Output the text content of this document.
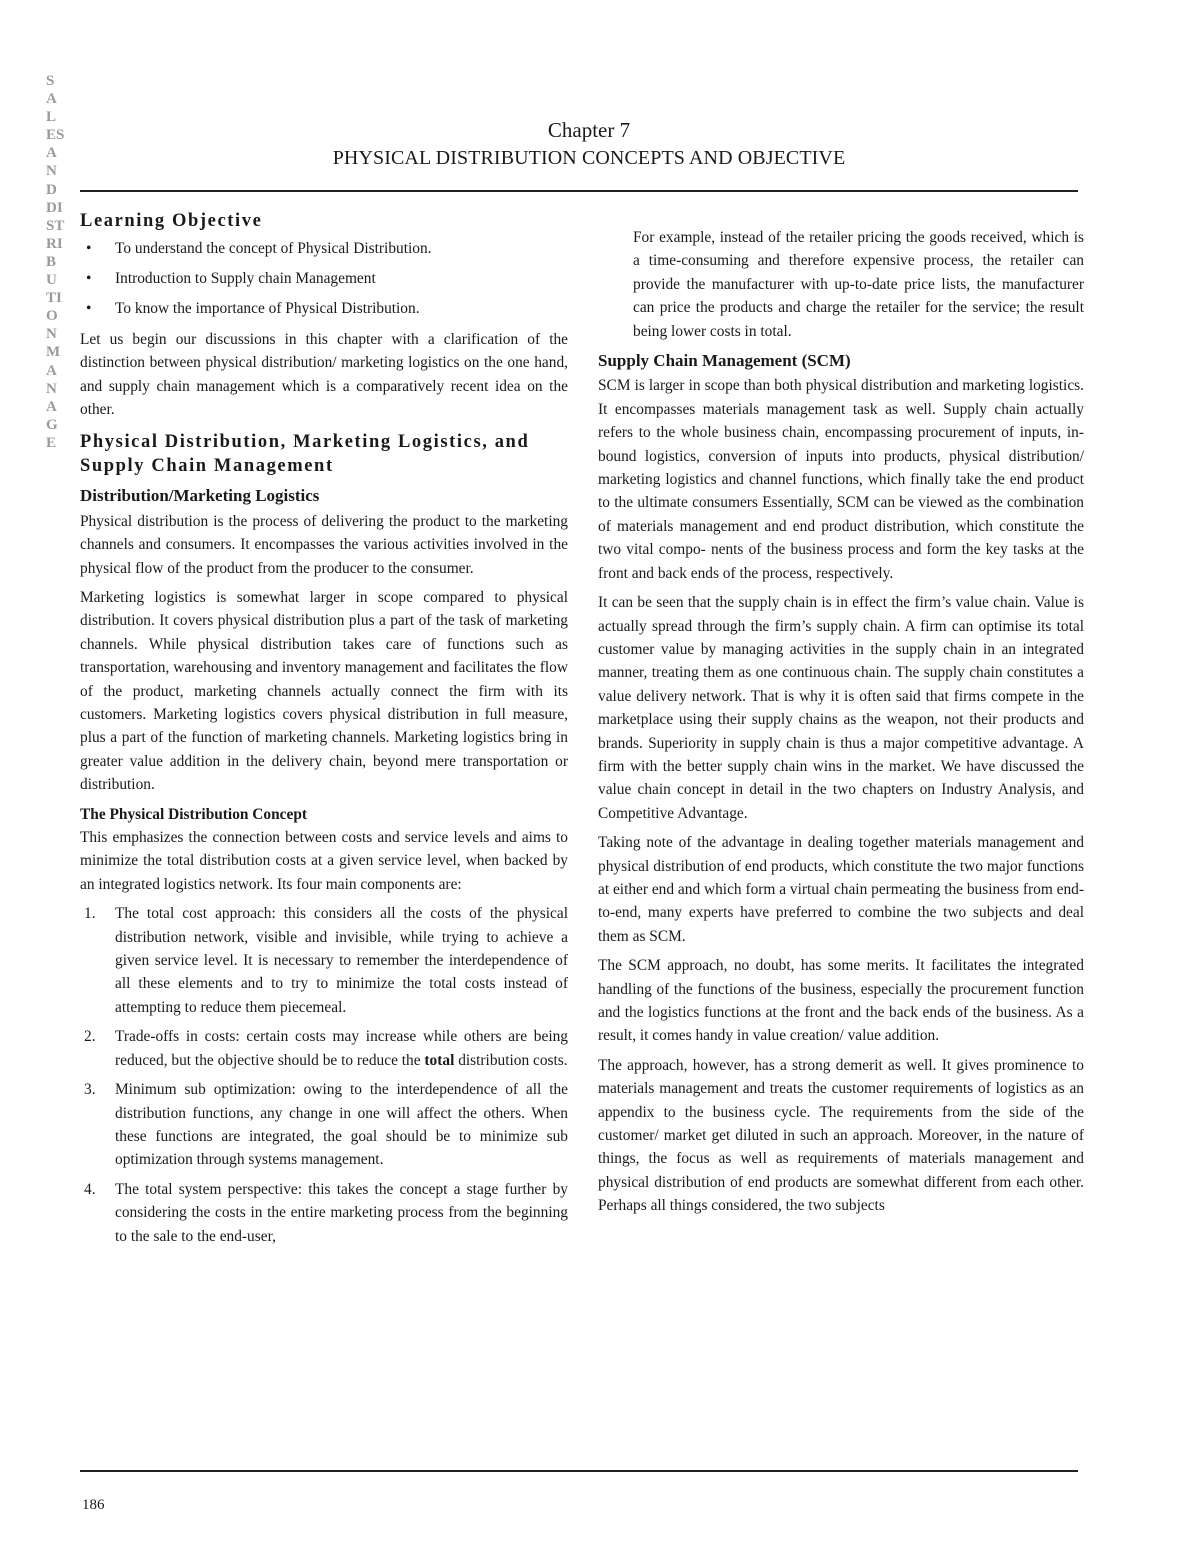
S
A
L
ES
A
N
D
DI
ST
RI
B
U
TI
O
N
M
A
N
A
G
E
Chapter 7
PHYSICAL DISTRIBUTION CONCEPTS AND OBJECTIVE
Learning Objective
• To understand the concept of Physical Distribution.
• Introduction to Supply chain Management
• To know the importance of Physical Distribution.

Let us begin our discussions in this chapter with a clarification of the distinction between physical distribution/ marketing logistics on the one hand, and supply chain management which is a comparatively recent idea on the other.

Physical Distribution, Marketing Logistics, and Supply Chain Management
Distribution/Marketing Logistics

Physical distribution is the process of delivering the product to the marketing channels and consumers. It encompasses the various activities involved in the physical flow of the product from the producer to the consumer.

Marketing logistics is somewhat larger in scope compared to physical distribution. It covers physical distribution plus a part of the task of marketing channels. While physical distribution takes care of functions such as transportation, warehousing and inventory management and facilitates the flow of the product, marketing channels actually connect the firm with its customers. Marketing logistics covers physical distribution in full measure, plus a part of the function of marketing channels. Marketing logistics bring in greater value addition in the delivery chain, beyond mere transportation or distribution.

The Physical Distribution Concept

This emphasizes the connection between costs and service levels and aims to minimize the total distribution costs at a given service level, when backed by an integrated logistics network. Its four main components are:

1. The total cost approach: this considers all the costs of the physical distribution network, visible and invisible, while trying to achieve a given service level. It is necessary to remember the interdependence of all these elements and to try to minimize the total costs instead of attempting to reduce them piecemeal.
2. Trade-offs in costs: certain costs may increase while others are being reduced, but the objective should be to reduce the total distribution costs.
3. Minimum sub optimization: owing to the interdependence of all the distribution functions, any change in one will affect the others. When these functions are integrated, the goal should be to minimize sub optimization through systems management.
4. The total system perspective: this takes the concept a stage further by considering the costs in the entire marketing process from the beginning to the sale to the end-user,
For example, instead of the retailer pricing the goods received, which is a time-consuming and therefore expensive process, the retailer can provide the manufacturer with up-to-date price lists, the manufacturer can price the products and charge the retailer for the service; the result being lower costs in total.
Supply Chain Management (SCM)

SCM is larger in scope than both physical distribution and marketing logistics. It encompasses materials management task as well. Supply chain actually refers to the whole business chain, encompassing procurement of inputs, in-bound logistics, conversion of inputs into products, physical distribution/ marketing logistics and channel functions, which finally take the end product to the ultimate consumers Essentially, SCM can be viewed as the combination of materials management and end product distribution, which constitute the two vital compo- nents of the business process and form the key tasks at the front and back ends of the process, respectively.

It can be seen that the supply chain is in effect the firm’s value chain. Value is actually spread through the firm’s supply chain. A firm can optimise its total customer value by managing activities in the supply chain in an integrated manner, treating them as one continuous chain. The supply chain constitutes a value delivery network. That is why it is often said that firms compete in the marketplace using their supply chains as the weapon, not their products and brands. Superiority in supply chain is thus a major competitive advantage. A firm with the better supply chain wins in the market. We have discussed the value chain concept in detail in the two chapters on Industry Analysis, and Competitive Advantage.

Taking note of the advantage in dealing together materials management and physical distribution of end products, which constitute the two major functions at either end and which form a virtual chain permeating the business from end-to-end, many experts have preferred to combine the two subjects and deal them as SCM.

The SCM approach, no doubt, has some merits. It facilitates the integrated handling of the functions of the business, especially the procurement function and the logistics functions at the front and the back ends of the business. As a result, it comes handy in value creation/ value addition.

The approach, however, has a strong demerit as well. It gives prominence to materials management and treats the customer requirements of logistics as an appendix to the business cycle. The requirements from the side of the customer/ market get diluted in such an approach. Moreover, in the nature of things, the focus as well as requirements of materials management and physical distribution of end products are somewhat different from each other. Perhaps all things considered, the two subjects

186
